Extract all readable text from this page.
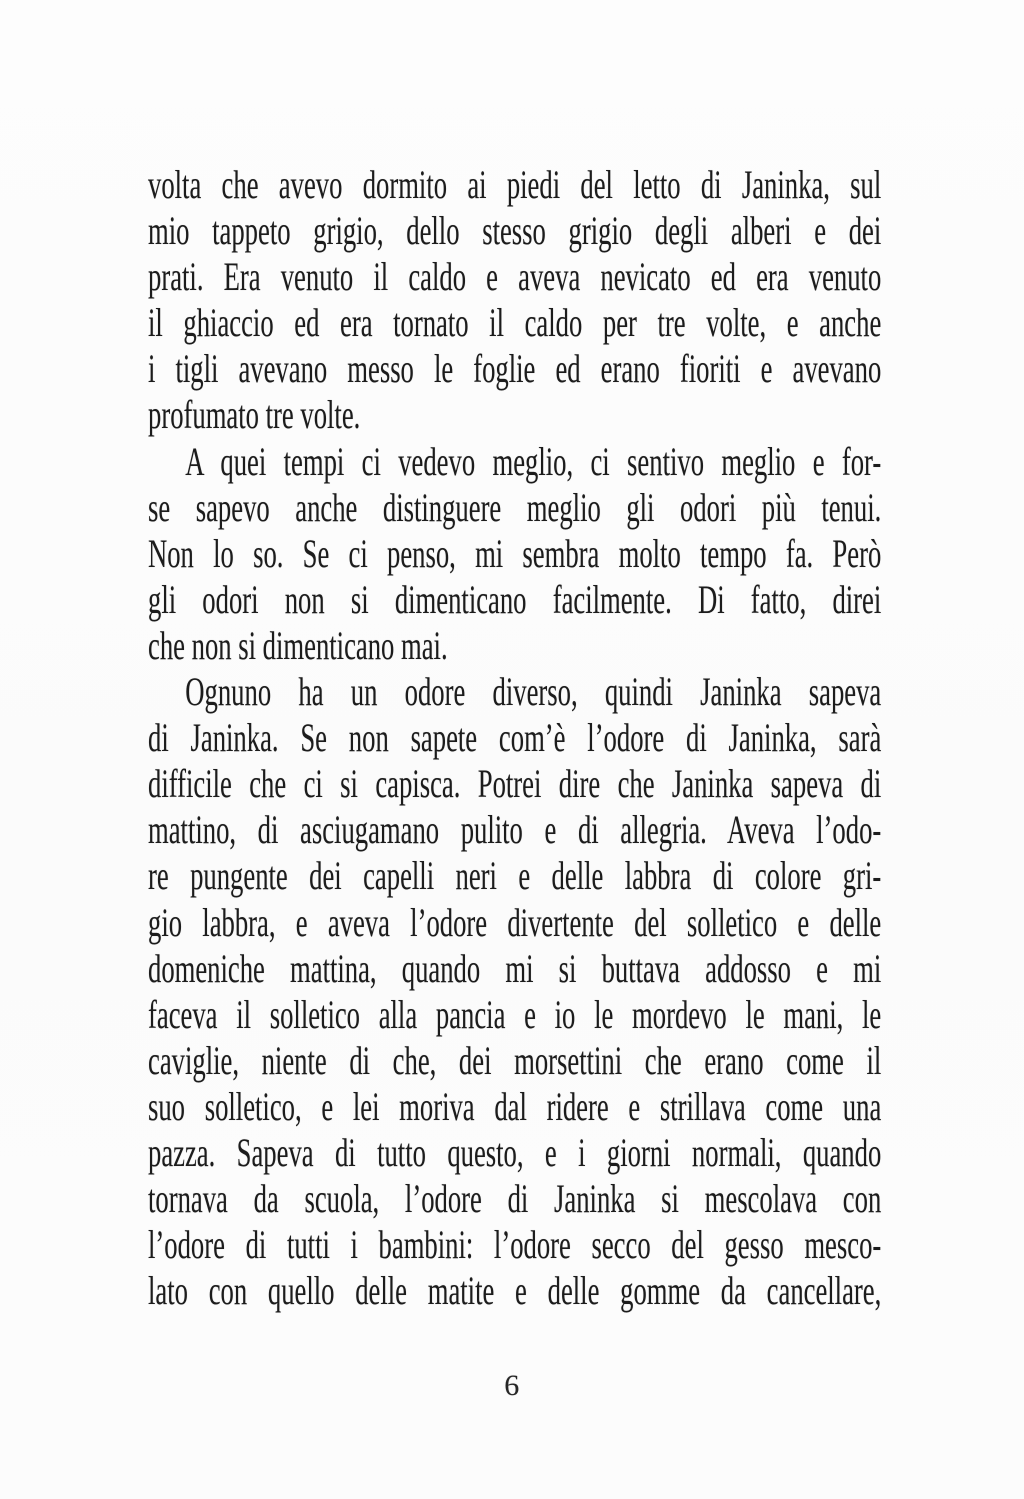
volta che avevo dormito ai piedi del letto di Janinka, sul
mio tappeto grigio, dello stesso grigio degli alberi e dei
prati. Era venuto il caldo e aveva nevicato ed era venuto
il ghiaccio ed era tornato il caldo per tre volte, e anche
i tigli avevano messo le foglie ed erano fioriti e avevano
profumato tre volte.
A quei tempi ci vedevo meglio, ci sentivo meglio e for-
se sapevo anche distinguere meglio gli odori più tenui.
Non lo so. Se ci penso, mi sembra molto tempo fa. Però
gli odori non si dimenticano facilmente. Di fatto, direi
che non si dimenticano mai.
Ognuno ha un odore diverso, quindi Janinka sapeva
di Janinka. Se non sapete com’è l’odore di Janinka, sarà
difficile che ci si capisca. Potrei dire che Janinka sapeva di
mattino, di asciugamano pulito e di allegria. Aveva l’odo-
re pungente dei capelli neri e delle labbra di colore gri-
gio labbra, e aveva l’odore divertente del solletico e delle
domeniche mattina, quando mi si buttava addosso e mi
faceva il solletico alla pancia e io le mordevo le mani, le
caviglie, niente di che, dei morsettini che erano come il
suo solletico, e lei moriva dal ridere e strillava come una
pazza. Sapeva di tutto questo, e i giorni normali, quando
tornava da scuola, l’odore di Janinka si mescolava con
l’odore di tutti i bambini: l’odore secco del gesso mesco-
lato con quello delle matite e delle gomme da cancellare,
6
